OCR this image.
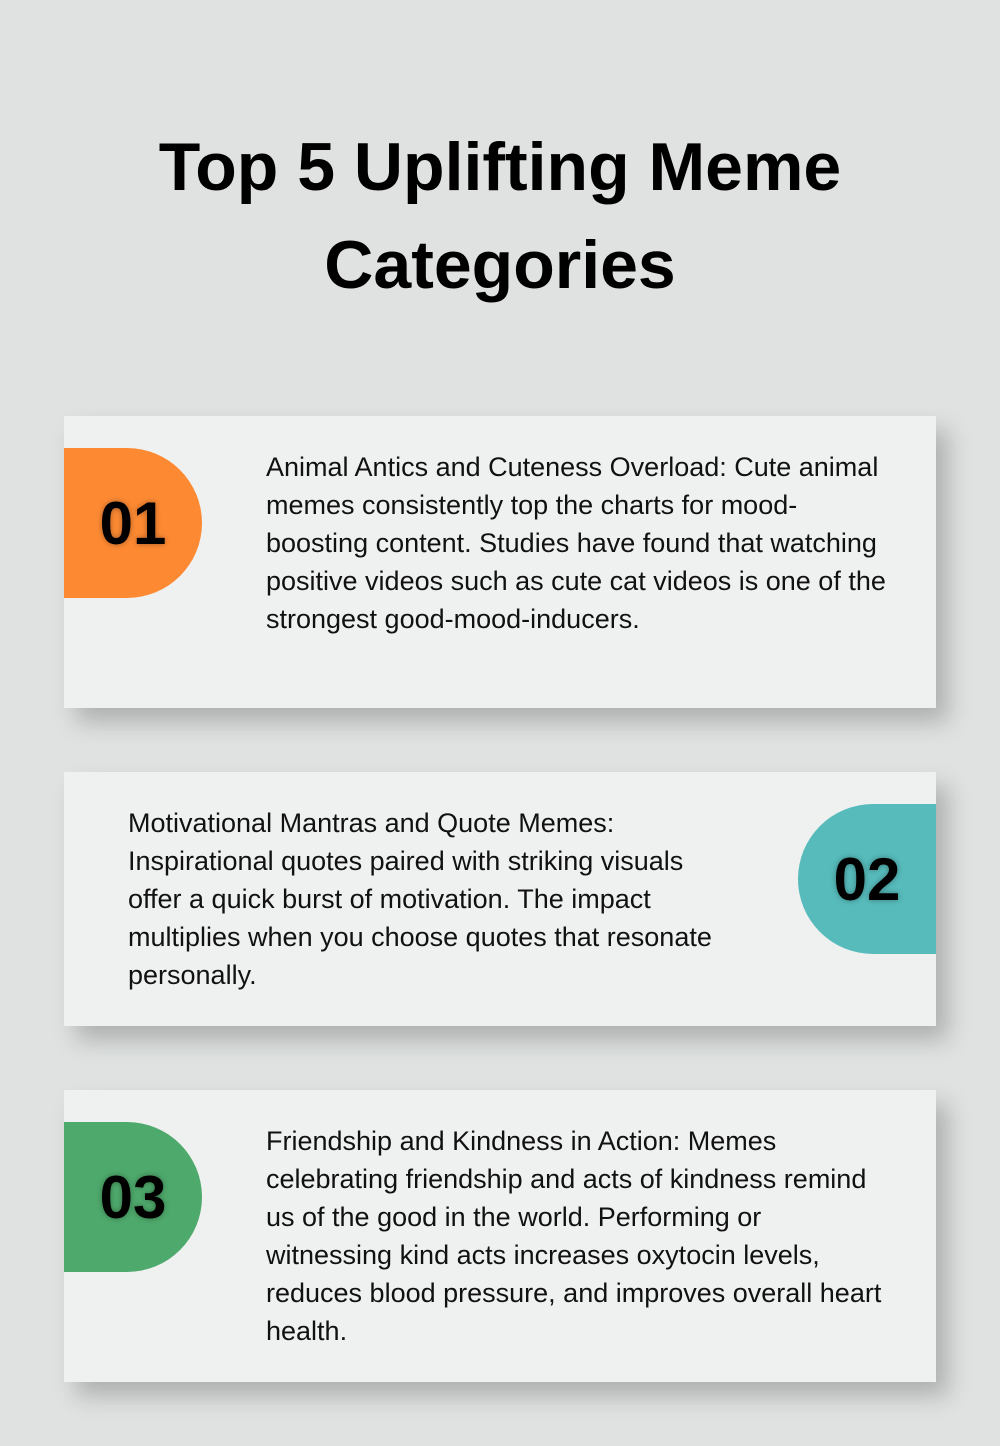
Top 5 Uplifting Meme Categories
01

Animal Antics and Cuteness Overload: Cute animal memes consistently top the charts for mood-boosting content. Studies have found that watching positive videos such as cute cat videos is one of the strongest good-mood-inducers.

Motivational Mantras and Quote Memes: Inspirational quotes paired with striking visuals offer a quick burst of motivation. The impact multiplies when you choose quotes that resonate personally.

02
03

Friendship and Kindness in Action: Memes celebrating friendship and acts of kindness remind us of the good in the world. Performing or witnessing kind acts increases oxytocin levels, reduces blood pressure, and improves overall heart health.
